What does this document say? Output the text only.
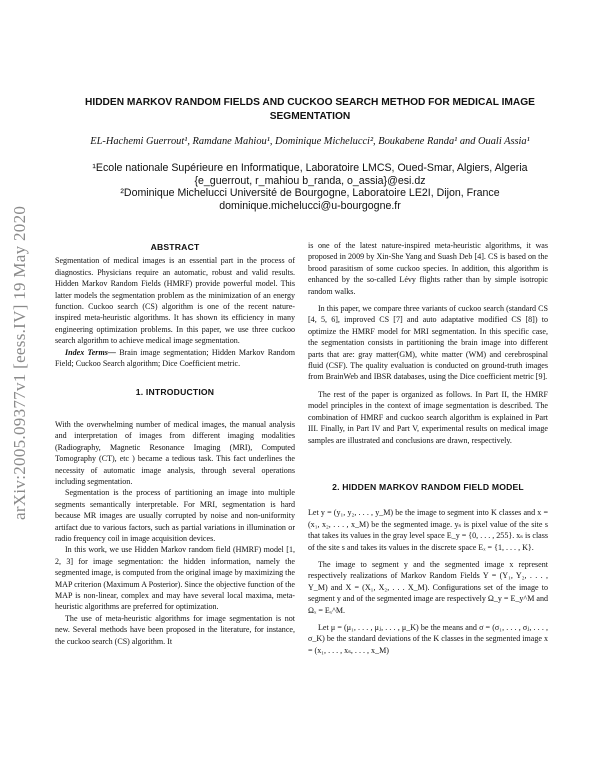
arXiv:2005.09377v1 [eess.IV] 19 May 2020
HIDDEN MARKOV RANDOM FIELDS AND CUCKOO SEARCH METHOD FOR MEDICAL IMAGE SEGMENTATION
EL-Hachemi Guerrout¹, Ramdane Mahiou¹, Dominique Michelucci², Boukabene Randa¹ and Ouali Assia¹
¹Ecole nationale Supérieure en Informatique, Laboratoire LMCS, Oued-Smar, Algiers, Algeria
{e_guerrout, r_mahiou b_randa, o_assia}@esi.dz
²Dominique Michelucci Université de Bourgogne, Laboratoire LE2I, Dijon, France
dominique.michelucci@u-bourgogne.fr
ABSTRACT

Segmentation of medical images is an essential part in the process of diagnostics. Physicians require an automatic, robust and valid results. Hidden Markov Random Fields (HMRF) provide powerful model. This latter models the segmentation problem as the minimization of an energy function. Cuckoo search (CS) algorithm is one of the recent nature-inspired meta-heuristic algorithms. It has shown its efficiency in many engineering optimization problems. In this paper, we use three cuckoo search algorithm to achieve medical image segmentation.

Index Terms— Brain image segmentation; Hidden Markov Random Field; Cuckoo Search algorithm; Dice Coefficient metric.

1. INTRODUCTION

With the overwhelming number of medical images, the manual analysis and interpretation of images from different imaging modalities (Radiography, Magnetic Resonance Imaging (MRI), Computed Tomography (CT), etc ) became a tedious task. This fact underlines the necessity of automatic image analysis, through several operations including segmentation.

Segmentation is the process of partitioning an image into multiple segments semantically interpretable. For MRI, segmentation is hard because MR images are usually corrupted by noise and non-uniformity artifact due to various factors, such as partial variations in illumination or radio frequency coil in image acquisition devices.

In this work, we use Hidden Markov random field (HMRF) model [1, 2, 3] for image segmentation: the hidden information, namely the segmented image, is computed from the original image by maximizing the MAP criterion (Maximum A Posterior). Since the objective function of the MAP is non-linear, complex and may have several local maxima, meta-heuristic algorithms are preferred for optimization.

The use of meta-heuristic algorithms for image segmentation is not new. Several methods have been proposed in the literature, for instance, the cuckoo search (CS) algorithm. It

is one of the latest nature-inspired meta-heuristic algorithms, it was proposed in 2009 by Xin-She Yang and Suash Deb [4]. CS is based on the brood parasitism of some cuckoo species. In addition, this algorithm is enhanced by the so-called Lévy flights rather than by simple isotropic random walks.

In this paper, we compare three variants of cuckoo search (standard CS [4, 5, 6], improved CS [7] and auto adaptative modified CS [8]) to optimize the HMRF model for MRI segmentation. In this specific case, the segmentation consists in partitioning the brain image into different parts that are: gray matter(GM), white matter (WM) and cerebrospinal fluid (CSF). The quality evaluation is conducted on ground-truth images from BrainWeb and IBSR databases, using the Dice coefficient metric [9].

The rest of the paper is organized as follows. In Part II, the HMRF model principles in the context of image segmentation is described. The combination of HMRF and cuckoo search algorithm is explained in Part III. Finally, in Part IV and Part V, experimental results on medical image samples are illustrated and conclusions are drawn, respectively.

2. HIDDEN MARKOV RANDOM FIELD MODEL

Let y = (y₁, y₂, . . . , y_M) be the image to segment into K classes and x = (x₁, x₂, . . . , x_M) be the segmented image. yₛ is pixel value of the site s that takes its values in the gray level space E_y = {0, . . . , 255}. xₛ is class of the site s and takes its values in the discrete space Eₓ = {1, . . . , K}.

The image to segment y and the segmented image x represent respectively realizations of Markov Random Fields Y = (Y₁, Y₂, . . . , Y_M) and X = (X₁, X₂, . . . X_M). Configurations set of the image to segment y and of the segmented image are respectively Ω_y = E_y^M and Ωₓ = Eₓ^M.

Let μ = (μ₁, . . . , μⱼ, . . . , μ_K) be the means and σ = (σ₁, . . . , σⱼ, . . . , σ_K) be the standard deviations of the K classes in the segmented image x = (x₁, . . . , xₛ, . . . , x_M)
